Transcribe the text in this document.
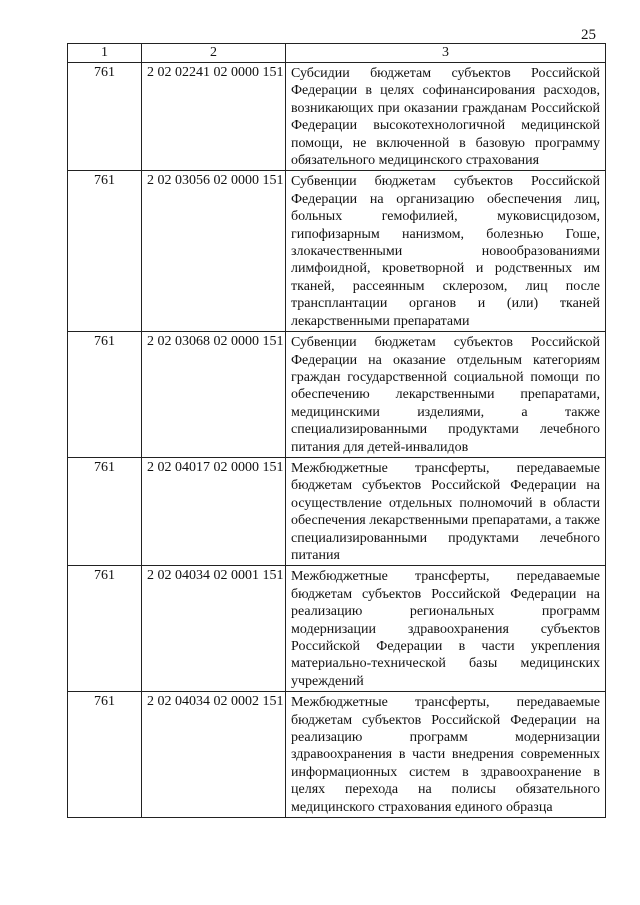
25
1	2	3
761	2 02 02241 02 0000 151	Субсидии бюджетам субъектов Российской Федерации в целях софинансирования расходов, возникающих при оказании гражданам Российской Федерации высокотехнологичной медицинской помощи, не включенной в базовую программу обязательного медицинского страхования
761	2 02 03056 02 0000 151	Субвенции бюджетам субъектов Российской Федерации на организацию обеспечения лиц, больных гемофилией, муковисцидозом, гипофизарным нанизмом, болезнью Гоше, злокачественными новообразованиями лимфоидной, кроветворной и родственных им тканей, рассеянным склерозом, лиц после трансплантации органов и (или) тканей лекарственными препаратами
761	2 02 03068 02 0000 151	Субвенции бюджетам субъектов Российской Федерации на оказание отдельным категориям граждан государственной социальной помощи по обеспечению лекарственными препаратами, медицинскими изделиями, а также специализированными продуктами лечебного питания для детей-инвалидов
761	2 02 04017 02 0000 151	Межбюджетные трансферты, передаваемые бюджетам субъектов Российской Федерации на осуществление отдельных полномочий в области обеспечения лекарственными препаратами, а также специализированными продуктами лечебного питания
761	2 02 04034 02 0001 151	Межбюджетные трансферты, передаваемые бюджетам субъектов Российской Федерации на реализацию региональных программ модернизации здравоохранения субъектов Российской Федерации в части укрепления материально-технической базы медицинских учреждений
761	2 02 04034 02 0002 151	Межбюджетные трансферты, передаваемые бюджетам субъектов Российской Федерации на реализацию программ модернизации здравоохранения в части внедрения современных информационных систем в здравоохранение в целях перехода на полисы обязательного медицинского страхования единого образца
